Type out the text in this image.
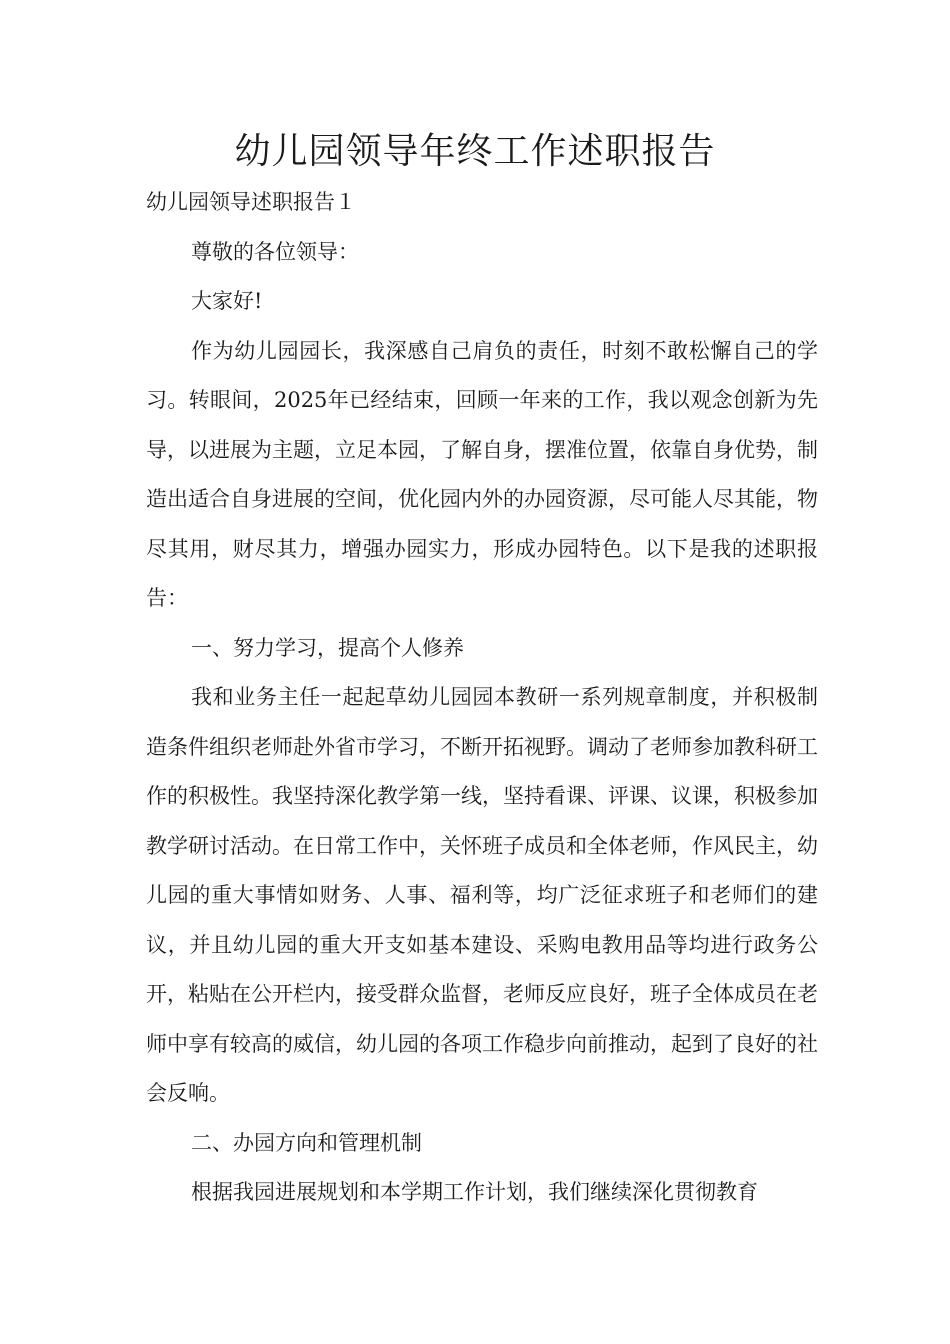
幼儿园领导年终工作述职报告

幼儿园领导述职报告１

尊敬的各位领导：

大家好!

作为幼儿园园长，我深感自己肩负的责任，时刻不敢松懈自己的学习。转眼间，2025年已经结束，回顾一年来的工作，我以观念创新为先导，以进展为主题，立足本园，了解自身，摆准位置，依靠自身优势，制造出适合自身进展的空间，优化园内外的办园资源，尽可能人尽其能，物尽其用，财尽其力，增强办园实力，形成办园特色。以下是我的述职报告：

一、努力学习，提高个人修养

我和业务主任一起起草幼儿园园本教研一系列规章制度，并积极制造条件组织老师赴外省市学习，不断开拓视野。调动了老师参加教科研工作的积极性。我坚持深化教学第一线，坚持看课、评课、议课，积极参加教学研讨活动。在日常工作中，关怀班子成员和全体老师，作风民主，幼儿园的重大事情如财务、人事、福利等，均广泛征求班子和老师们的建议，并且幼儿园的重大开支如基本建设、采购电教用品等均进行政务公开，粘贴在公开栏内，接受群众监督，老师反应良好，班子全体成员在老师中享有较高的威信，幼儿园的各项工作稳步向前推动，起到了良好的社会反响。

二、办园方向和管理机制

根据我园进展规划和本学期工作计划，我们继续深化贯彻教育
